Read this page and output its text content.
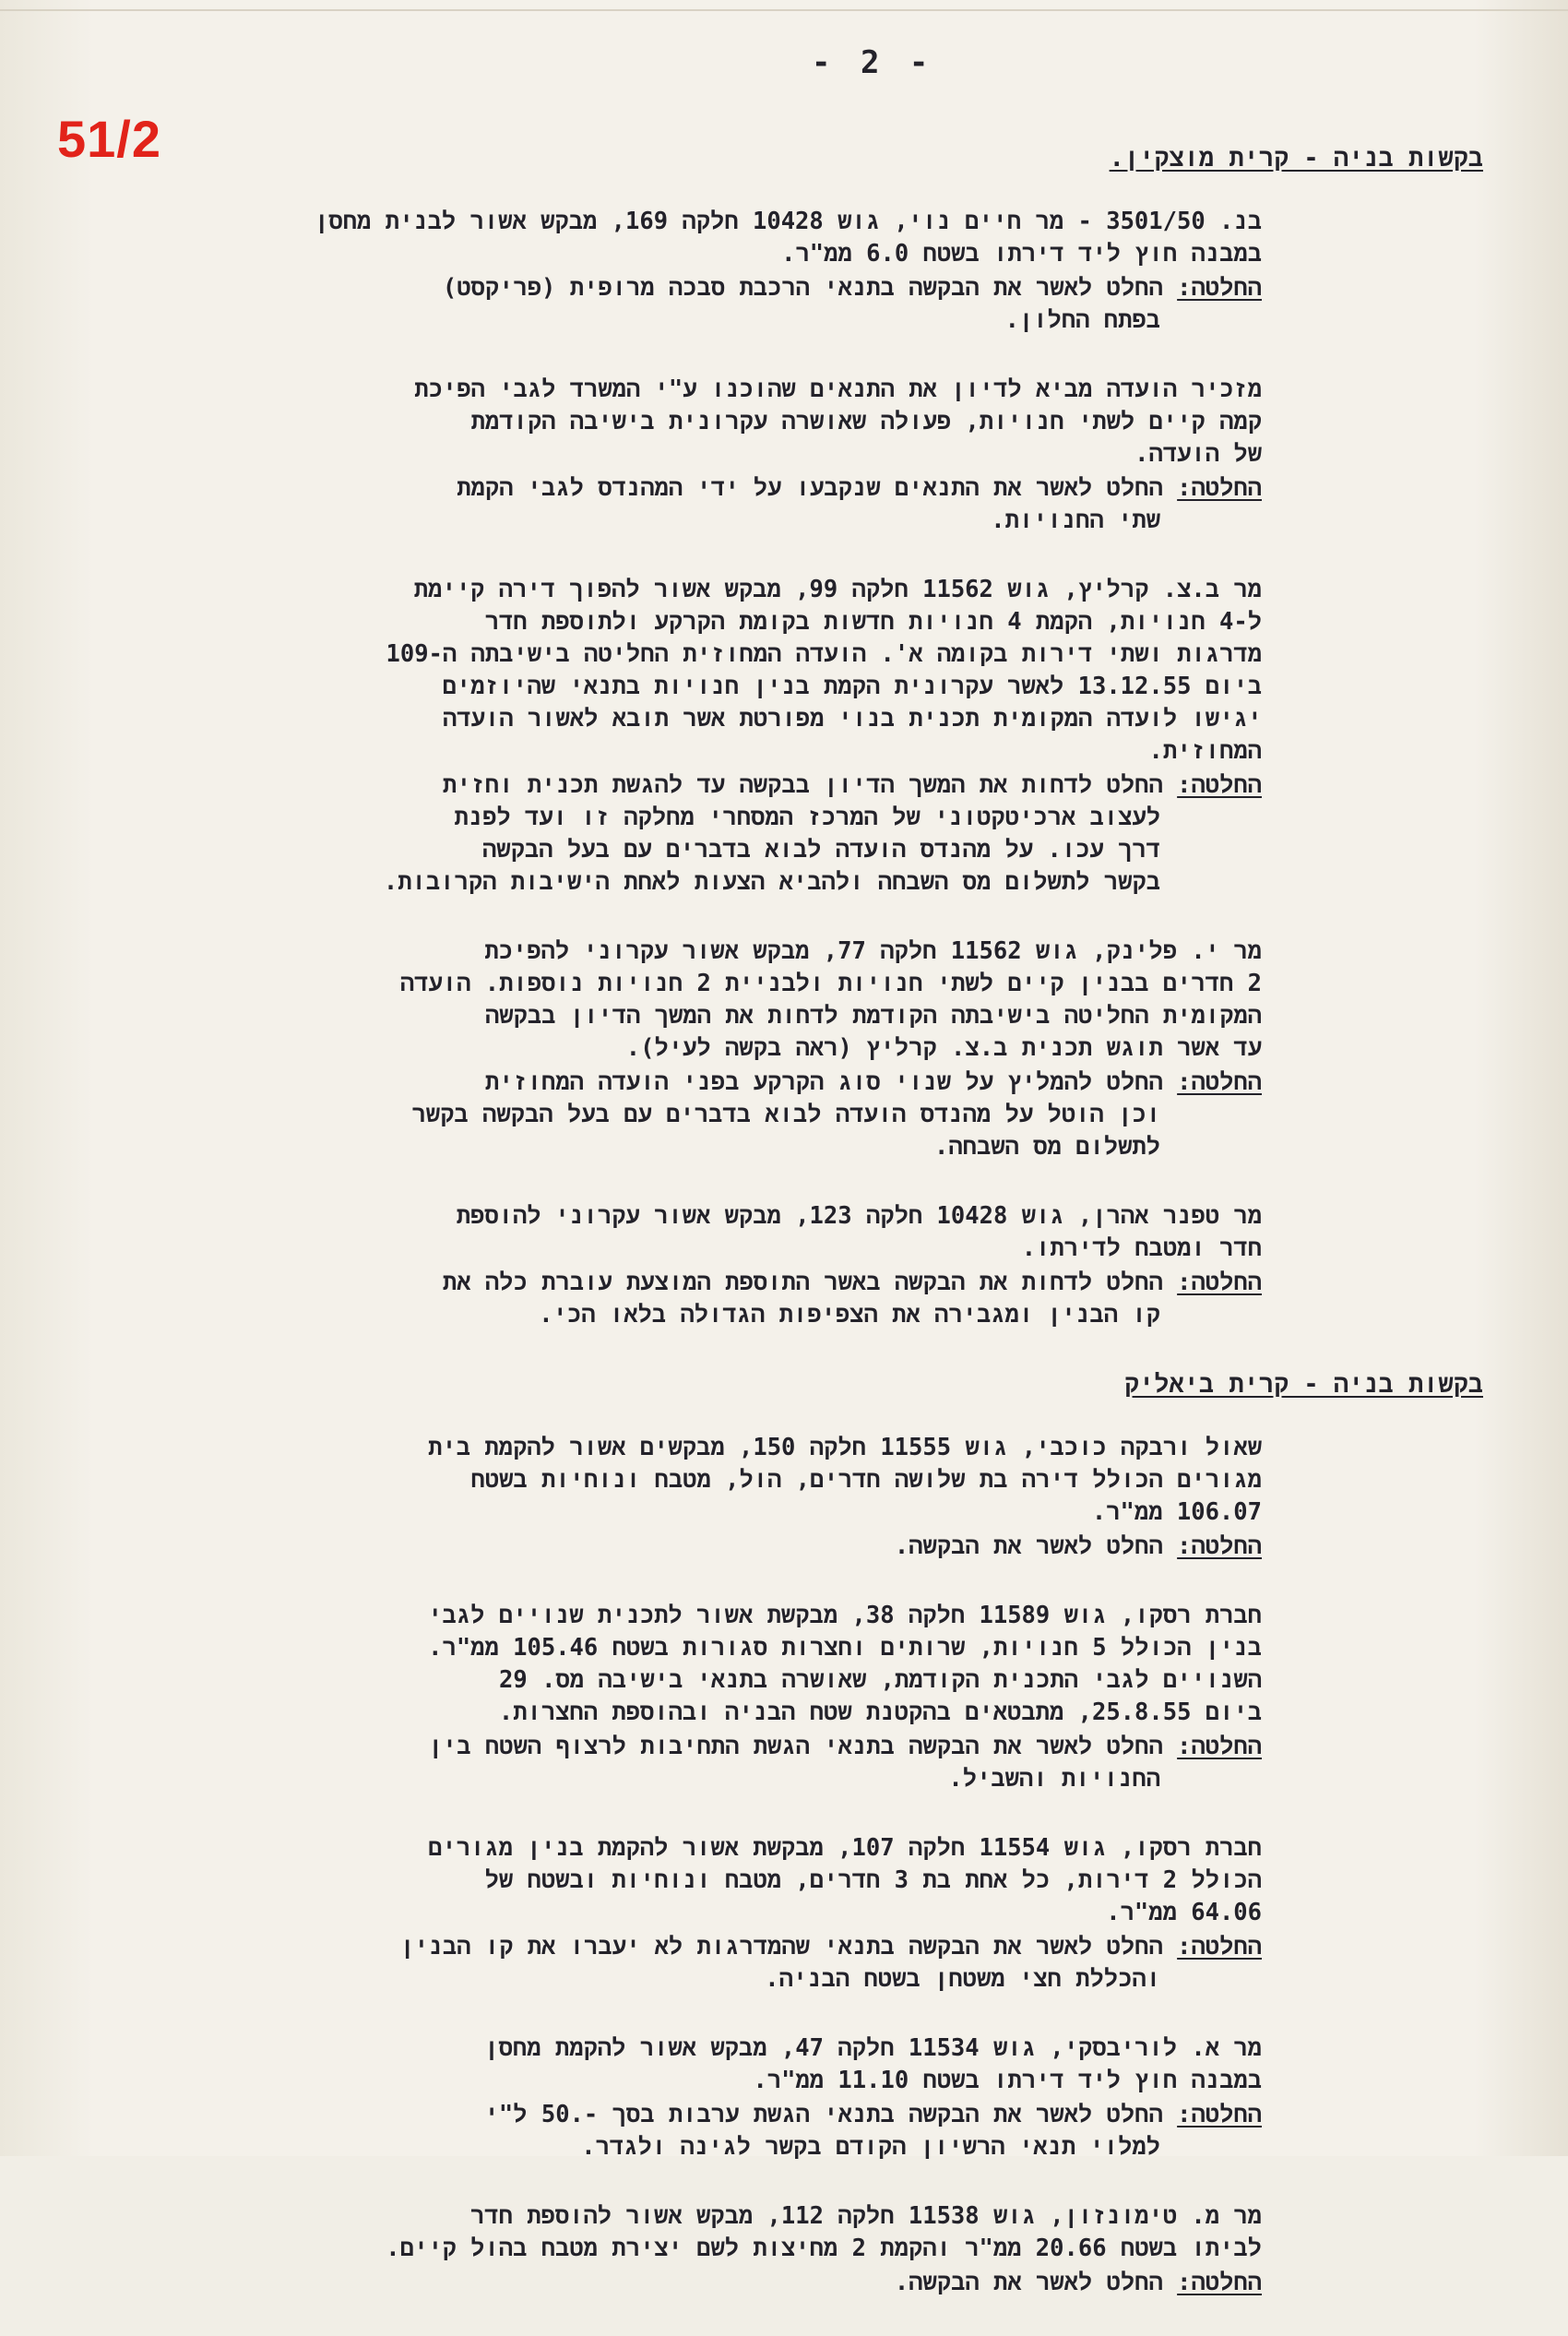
51/2
- 2 -
בקשות בניה - קרית מוצקין.
בנ. 3501/50 - מר חיים נוי, גוש 10428 חלקה 169, מבקש אשור לבנית מחסן
במבנה חוץ ליד דירתו בשטח 6.0 ממ"ר.
החלטה: החלט לאשר את הבקשה בתנאי הרכבת סבכה מרופית (פריקסט)
בפתח החלון.
מזכיר הועדה מביא לדיון את התנאים שהוכנו ע"י המשרד לגבי הפיכת
קמה קיים לשתי חנויות, פעולה שאושרה עקרונית בישיבה הקודמת
של הועדה.
החלטה: החלט לאשר את התנאים שנקבעו על ידי המהנדס לגבי הקמת
שתי החנויות.
מר ב.צ. קרליץ, גוש 11562 חלקה 99, מבקש אשור להפוך דירה קיימת
ל-4 חנויות, הקמת 4 חנויות חדשות בקומת הקרקע ולתוספת חדר
מדרגות ושתי דירות בקומה א'. הועדה המחוזית החליטה בישיבתה ה-109
ביום 13.12.55 לאשר עקרונית הקמת בנין חנויות בתנאי שהיוזמים
יגישו לועדה המקומית תכנית בנוי מפורטת אשר תובא לאשור הועדה
המחוזית.
החלטה: החלט לדחות את המשך הדיון בבקשה עד להגשת תכנית וחזית
לעצוב ארכיטקטוני של המרכז המסחרי מחלקה זו ועד לפנת
דרך עכו. על מהנדס הועדה לבוא בדברים עם בעל הבקשה
בקשר לתשלום מס השבחה ולהביא הצעות לאחת הישיבות הקרובות.
מר י. פלינק, גוש 11562 חלקה 77, מבקש אשור עקרוני להפיכת
2 חדרים בבנין קיים לשתי חנויות ולבניית 2 חנויות נוספות. הועדה
המקומית החליטה בישיבתה הקודמת לדחות את המשך הדיון בבקשה
עד אשר תוגש תכנית ב.צ. קרליץ (ראה בקשה לעיל).
החלטה: החלט להמליץ על שנוי סוג הקרקע בפני הועדה המחוזית
וכן הוטל על מהנדס הועדה לבוא בדברים עם בעל הבקשה בקשר
לתשלום מס השבחה.
מר טפנר אהרן, גוש 10428 חלקה 123, מבקש אשור עקרוני להוספת
חדר ומטבח לדירתו.
החלטה: החלט לדחות את הבקשה באשר התוספת המוצעת עוברת כלה את
קו הבנין ומגבירה את הצפיפות הגדולה בלאו הכי.
בקשות בניה - קרית ביאליק
שאול ורבקה כוכבי, גוש 11555 חלקה 150, מבקשים אשור להקמת בית
מגורים הכולל דירה בת שלושה חדרים, הול, מטבח ונוחיות בשטח
106.07 ממ"ר.
החלטה: החלט לאשר את הבקשה.
חברת רסקו, גוש 11589 חלקה 38, מבקשת אשור לתכנית שנויים לגבי
בנין הכולל 5 חנויות, שרותים וחצרות סגורות בשטח 105.46 ממ"ר.
השנויים לגבי התכנית הקודמת, שאושרה בתנאי בישיבה מס. 29
ביום 25.8.55, מתבטאים בהקטנת שטח הבניה ובהוספת החצרות.
החלטה: החלט לאשר את הבקשה בתנאי הגשת התחיבות לרצוף השטח בין
החנויות והשביל.
חברת רסקו, גוש 11554 חלקה 107, מבקשת אשור להקמת בנין מגורים
הכולל 2 דירות, כל אחת בת 3 חדרים, מטבח ונוחיות ובשטח של
64.06 ממ"ר.
החלטה: החלט לאשר את הבקשה בתנאי שהמדרגות לא יעברו את קו הבנין
והכללת חצי משטחן בשטח הבניה.
מר א. לוריבסקי, גוש 11534 חלקה 47, מבקש אשור להקמת מחסן
במבנה חוץ ליד דירתו בשטח 11.10 ממ"ר.
החלטה: החלט לאשר את הבקשה בתנאי הגשת ערבות בסך -.50 ל"י
למלוי תנאי הרשיון הקודם בקשר לגינה ולגדר.
מר מ. טימונזון, גוש 11538 חלקה 112, מבקש אשור להוספת חדר
לביתו בשטח 20.66 ממ"ר והקמת 2 מחיצות לשם יצירת מטבח בהול קיים.
החלטה: החלט לאשר את הבקשה.
